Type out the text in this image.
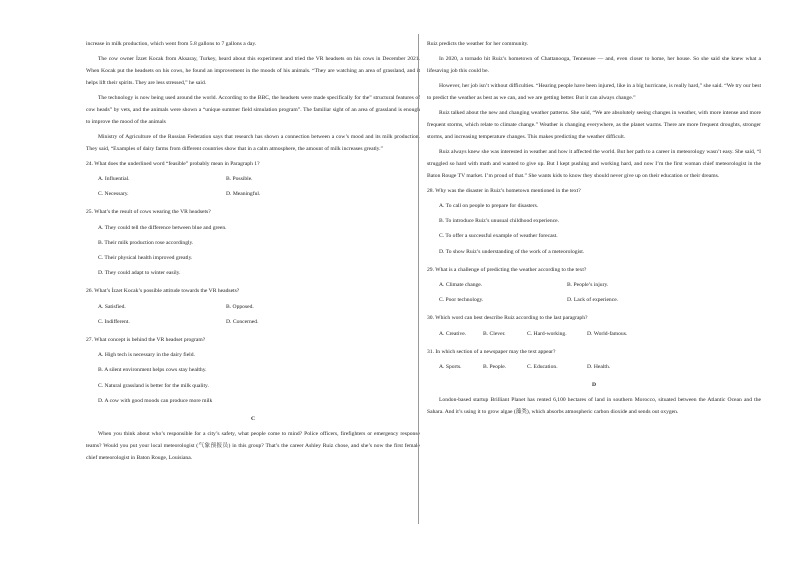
increase in milk production, which went from 5.8 gallons to 7 gallons a day.

The cow owner İzzet Kocak from Aksaray, Turkey, heard about this experiment and tried the VR headsets on his cows in December 2021. When Kocak put the headsets on his cows, he found an improvement in the moods of his animals. “They are watching an area of grassland, and it helps lift their spirits. They are less stressed,” he said.

The technology is now being used around the world. According to the BBC, the headsets were made specifically for the” structural features of cow heads” by vets, and the animals were shown a “unique summer field simulation program”. The familiar sight of an area of grassland is enough to improve the mood of the animals

Ministry of Agriculture of the Russian Federation says that research has shown a connection between a cow’s mood and its milk production. They said, “Examples of dairy farms from different countries show that in a calm atmosphere, the amount of milk increases greatly.”

24. What does the underlined word “feasible” probably mean in Paragraph 1?
A. Influential.	B. Possible.
C. Necessary.	D. Meaningful.
25. What’s the result of cows wearing the VR headsets?
A. They could tell the difference between blue and green.
B. Their milk production rose accordingly.
C. Their physical health improved greatly.
D. They could adapt to winter easily.
26. What’s İzzet Kocak’s possible attitude towards the VR headsets?
A. Satisfied.	B. Opposed.
C. Indifferent.	D. Concerned.
27. What concept is behind the VR headset program?
A. High tech is necessary in the dairy field.
B. A silent environment helps cows stay healthy.
C. Natural grassland is better for the milk quality.
D. A cow with good moods can produce more milk
C

When you think about who’s responsible for a city’s safety, what people come to mind? Police officers, firefighters or emergency response teams? Would you put your local meteorologist (气象预报员) in this group? That’s the career Ashley Ruiz chose, and she’s now the first female chief meteorologist in Baton Rouge, Louisiana.

Ruiz predicts the weather for her community.

In 2020, a tornado hit Ruiz’s hometown of Chattanooga, Tennessee — and, even closer to home, her house. So she said she knew what a lifesaving job this could be.

However, her job isn’t without difficulties. “Hearing people have been injured, like in a big hurricane, is really hard,” she said. “We try our best to predict the weather as best as we can, and we are getting better. But it can always change.”

Ruiz talked about the new and changing weather patterns. She said, “We are absolutely seeing changes in weather, with more intense and more frequent storms, which relate to climate change.” Weather is changing everywhere, as the planet warms. There are more frequent droughts, stronger storms, and increasing temperature changes. This makes predicting the weather difficult.

Ruiz always knew she was interested in weather and how it affected the world. But her path to a career in meteorology wasn’t easy. She said, “I struggled so hard with math and wanted to give up. But I kept pushing and working hard, and now I’m the first woman chief meteorologist in the Baton Rouge TV market. I’m proud of that.” She wants kids to know they should never give up on their education or their dreams.

28. Why was the disaster in Ruiz’s hometown mentioned in the text?
A. To call on people to prepare for disasters.
B. To introduce Ruiz’s unusual childhood experience.
C. To offer a successful example of weather forecast.
D. To show Ruiz’s understanding of the work of a meteorologist.
29. What is a challenge of predicting the weather according to the text?
A. Climate change.	B. People’s injury.
C. Poor technology.	D. Lack of experience.
30. Which word can best describe Ruiz according to the last paragraph?
A. Creative.	B. Clever.	C. Hard-working.	D. World-famous.
31. In which section of a newspaper may the text appear?
A. Sports.	B. People.	C. Education.	D. Health.
D

London-based startup Brilliant Planet has rented 6,100 hectares of land in southern Morocco, situated between the Atlantic Ocean and the Sahara. And it’s using it to grow algae (藻类), which absorbs atmospheric carbon dioxide and sends out oxygen.
